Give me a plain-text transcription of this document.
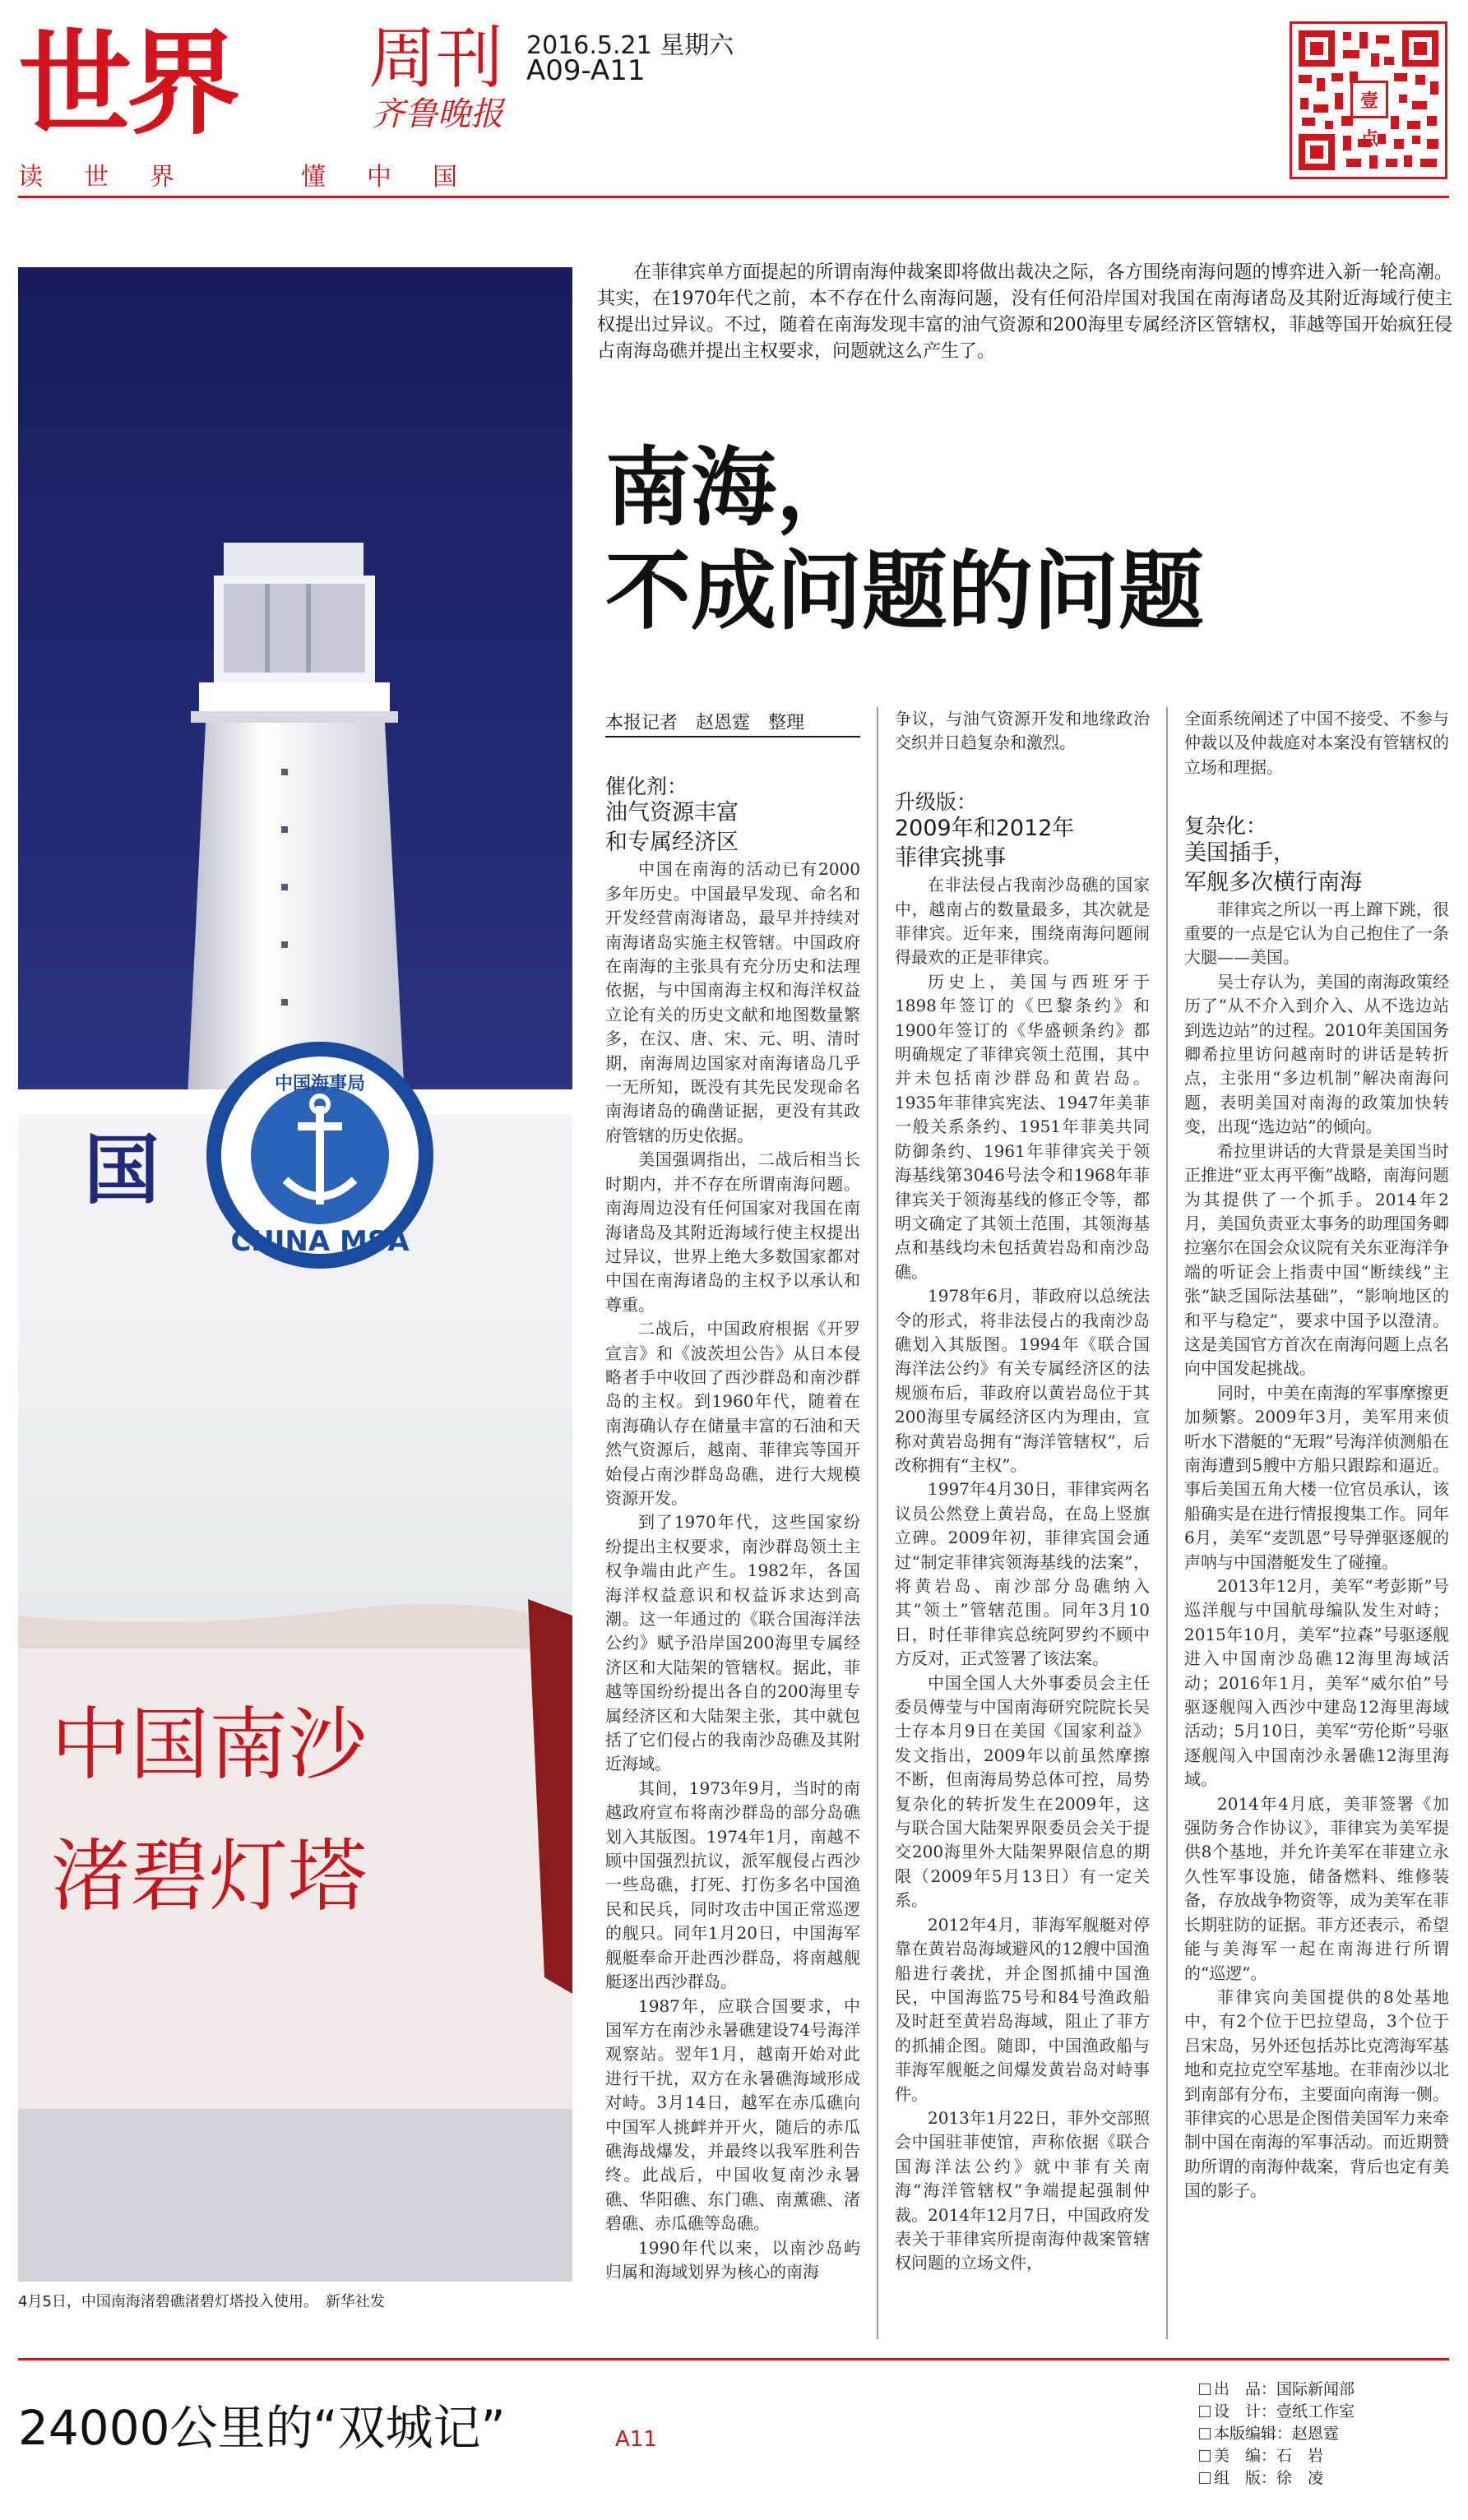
世界 周刊
齐鲁晚报
2016.5.21 星期六
A09-A11
读 世 界	懂 中 国
壹点
国
中国海事局
CHINA MSA
中国南沙
渚碧灯塔
4月5日，中国南海渚碧礁渚碧灯塔投入使用。　新华社发

在菲律宾单方面提起的所谓南海仲裁案即将做出裁决之际，各方围绕南海问题的博弈进入新一轮高潮。其实，在1970年代之前，本不存在什么南海问题，没有任何沿岸国对我国在南海诸岛及其附近海域行使主权提出过异议。不过，随着在南海发现丰富的油气资源和200海里专属经济区管辖权，菲越等国开始疯狂侵占南海岛礁并提出主权要求，问题就这么产生了。

南海，
不成问题的问题
本报记者　赵恩霆　整理

催化剂：

油气资源丰富
和专属经济区

中国在南海的活动已有2000多年历史。中国最早发现、命名和开发经营南海诸岛，最早并持续对南海诸岛实施主权管辖。中国政府在南海的主张具有充分历史和法理依据，与中国南海主权和海洋权益立论有关的历史文献和地图数量繁多，在汉、唐、宋、元、明、清时期，南海周边国家对南海诸岛几乎一无所知，既没有其先民发现命名南海诸岛的确凿证据，更没有其政府管辖的历史依据。

美国强调指出，二战后相当长时期内，并不存在所谓南海问题。南海周边没有任何国家对我国在南海诸岛及其附近海域行使主权提出过异议，世界上绝大多数国家都对中国在南海诸岛的主权予以承认和尊重。

二战后，中国政府根据《开罗宣言》和《波茨坦公告》从日本侵略者手中收回了西沙群岛和南沙群岛的主权。到1960年代，随着在南海确认存在储量丰富的石油和天然气资源后，越南、菲律宾等国开始侵占南沙群岛岛礁，进行大规模资源开发。

到了1970年代，这些国家纷纷提出主权要求，南沙群岛领土主权争端由此产生。1982年，各国海洋权益意识和权益诉求达到高潮。这一年通过的《联合国海洋法公约》赋予沿岸国200海里专属经济区和大陆架的管辖权。据此，菲越等国纷纷提出各自的200海里专属经济区和大陆架主张，其中就包括了它们侵占的我南沙岛礁及其附近海域。

其间，1973年9月，当时的南越政府宣布将南沙群岛的部分岛礁划入其版图。1974年1月，南越不顾中国强烈抗议，派军舰侵占西沙一些岛礁，打死、打伤多名中国渔民和民兵，同时攻击中国正常巡逻的舰只。同年1月20日，中国海军舰艇奉命开赴西沙群岛，将南越舰艇逐出西沙群岛。

1987年，应联合国要求，中国军方在南沙永暑礁建设74号海洋观察站。翌年1月，越南开始对此进行干扰，双方在永暑礁海域形成对峙。3月14日，越军在赤瓜礁向中国军人挑衅并开火，随后的赤瓜礁海战爆发，并最终以我军胜利告终。此战后，中国收复南沙永暑礁、华阳礁、东门礁、南薰礁、渚碧礁、赤瓜礁等岛礁。

1990年代以来，以南沙岛屿归属和海域划界为核心的南海

争议，与油气资源开发和地缘政治交织并日趋复杂和激烈。

升级版：

2009年和2012年
菲律宾挑事

在非法侵占我南沙岛礁的国家中，越南占的数量最多，其次就是菲律宾。近年来，围绕南海问题闹得最欢的正是菲律宾。

历史上，美国与西班牙于1898年签订的《巴黎条约》和1900年签订的《华盛顿条约》都明确规定了菲律宾领土范围，其中并未包括南沙群岛和黄岩岛。1935年菲律宾宪法、1947年美菲一般关系条约、1951年菲美共同防御条约、1961年菲律宾关于领海基线第3046号法令和1968年菲律宾关于领海基线的修正令等，都明文确定了其领土范围，其领海基点和基线均未包括黄岩岛和南沙岛礁。

1978年6月，菲政府以总统法令的形式，将非法侵占的我南沙岛礁划入其版图。1994年《联合国海洋法公约》有关专属经济区的法规颁布后，菲政府以黄岩岛位于其200海里专属经济区内为理由，宣称对黄岩岛拥有“海洋管辖权”，后改称拥有“主权”。

1997年4月30日，菲律宾两名议员公然登上黄岩岛，在岛上竖旗立碑。2009年初，菲律宾国会通过“制定菲律宾领海基线的法案”，将黄岩岛、南沙部分岛礁纳入其“领土”管辖范围。同年3月10日，时任菲律宾总统阿罗约不顾中方反对，正式签署了该法案。

中国全国人大外事委员会主任委员傅莹与中国南海研究院院长吴士存本月9日在美国《国家利益》发文指出，2009年以前虽然摩擦不断，但南海局势总体可控，局势复杂化的转折发生在2009年，这与联合国大陆架界限委员会关于提交200海里外大陆架界限信息的期限（2009年5月13日）有一定关系。

2012年4月，菲海军舰艇对停靠在黄岩岛海域避风的12艘中国渔船进行袭扰，并企图抓捕中国渔民，中国海监75号和84号渔政船及时赶至黄岩岛海域，阻止了菲方的抓捕企图。随即，中国渔政船与菲海军舰艇之间爆发黄岩岛对峙事件。

2013年1月22日，菲外交部照会中国驻菲使馆，声称依据《联合国海洋法公约》就中菲有关南海“海洋管辖权”争端提起强制仲裁。2014年12月7日，中国政府发表关于菲律宾所提南海仲裁案管辖权问题的立场文件，

全面系统阐述了中国不接受、不参与仲裁以及仲裁庭对本案没有管辖权的立场和理据。

复杂化：

美国插手，
军舰多次横行南海

菲律宾之所以一再上蹿下跳，很重要的一点是它认为自己抱住了一条大腿——美国。

吴士存认为，美国的南海政策经历了“从不介入到介入、从不选边站到选边站”的过程。2010年美国国务卿希拉里访问越南时的讲话是转折点，主张用“多边机制”解决南海问题，表明美国对南海的政策加快转变，出现“选边站”的倾向。

希拉里讲话的大背景是美国当时正推进“亚太再平衡”战略，南海问题为其提供了一个抓手。2014年2月，美国负责亚太事务的助理国务卿拉塞尔在国会众议院有关东亚海洋争端的听证会上指责中国“断续线”主张“缺乏国际法基础”，“影响地区的和平与稳定”，要求中国予以澄清。这是美国官方首次在南海问题上点名向中国发起挑战。

同时，中美在南海的军事摩擦更加频繁。2009年3月，美军用来侦听水下潜艇的“无瑕”号海洋侦测船在南海遭到5艘中方船只跟踪和逼近。事后美国五角大楼一位官员承认，该船确实是在进行情报搜集工作。同年6月，美军“麦凯恩”号导弹驱逐舰的声呐与中国潜艇发生了碰撞。

2013年12月，美军“考彭斯”号巡洋舰与中国航母编队发生对峙；2015年10月，美军“拉森”号驱逐舰进入中国南沙岛礁12海里海域活动；2016年1月，美军“威尔伯”号驱逐舰闯入西沙中建岛12海里海域活动；5月10日，美军“劳伦斯”号驱逐舰闯入中国南沙永暑礁12海里海域。

2014年4月底，美菲签署《加强防务合作协议》，菲律宾为美军提供8个基地，并允许美军在菲建立永久性军事设施，储备燃料、维修装备，存放战争物资等，成为美军在菲长期驻防的证据。菲方还表示，希望能与美海军一起在南海进行所谓的“巡逻”。

菲律宾向美国提供的8处基地中，有2个位于巴拉望岛，3个位于吕宋岛，另外还包括苏比克湾海军基地和克拉克空军基地。在菲南沙以北到南部有分布，主要面向南海一侧。菲律宾的心思是企图借美国军力来牵制中国在南海的军事活动。而近期赞助所谓的南海仲裁案，背后也定有美国的影子。

24000公里的“双城记”	A11
出　品：国际新闻部
设　计：壹纸工作室
本版编辑：赵恩霆
美　编：石　岩
组　版：徐　凌
